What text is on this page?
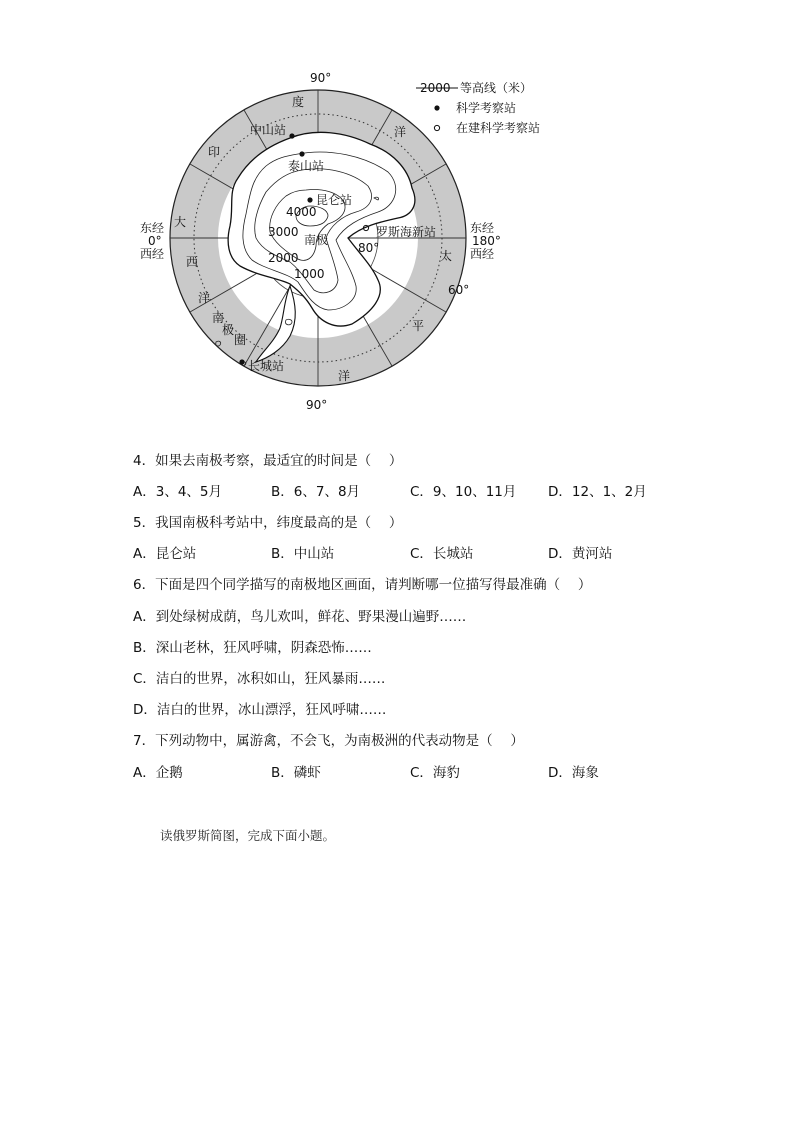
90°
90°
东经
0°
西经
东经
180°
西经
80°
60°
印
度
洋
大
西
洋
太
平
洋
南
极
圈
中山站
泰山站
昆仑站
罗斯海新站
长城站
南极
4000
3000
2000
1000
2000 等高线（米）
科学考察站
在建科学考察站
4．如果去南极考察，最适宜的时间是（　 ）
A．3、4、5月	B．6、7、8月	C．9、10、11月 D．12、1、2月
5．我国南极科考站中，纬度最高的是（　 ）
A．昆仑站	B．中山站	C．长城站	D．黄河站
6．下面是四个同学描写的南极地区画面，请判断哪一位描写得最准确（　 ）
A．到处绿树成荫，鸟儿欢叫，鲜花、野果漫山遍野……
B．深山老林，狂风呼啸，阴森恐怖……
C．洁白的世界，冰积如山，狂风暴雨……
D．洁白的世界，冰山漂浮，狂风呼啸……
7．下列动物中，属游禽，不会飞，为南极洲的代表动物是（　 ）
A．企鹅	B．磷虾	C．海豹	D．海象
读俄罗斯简图，完成下面小题。
